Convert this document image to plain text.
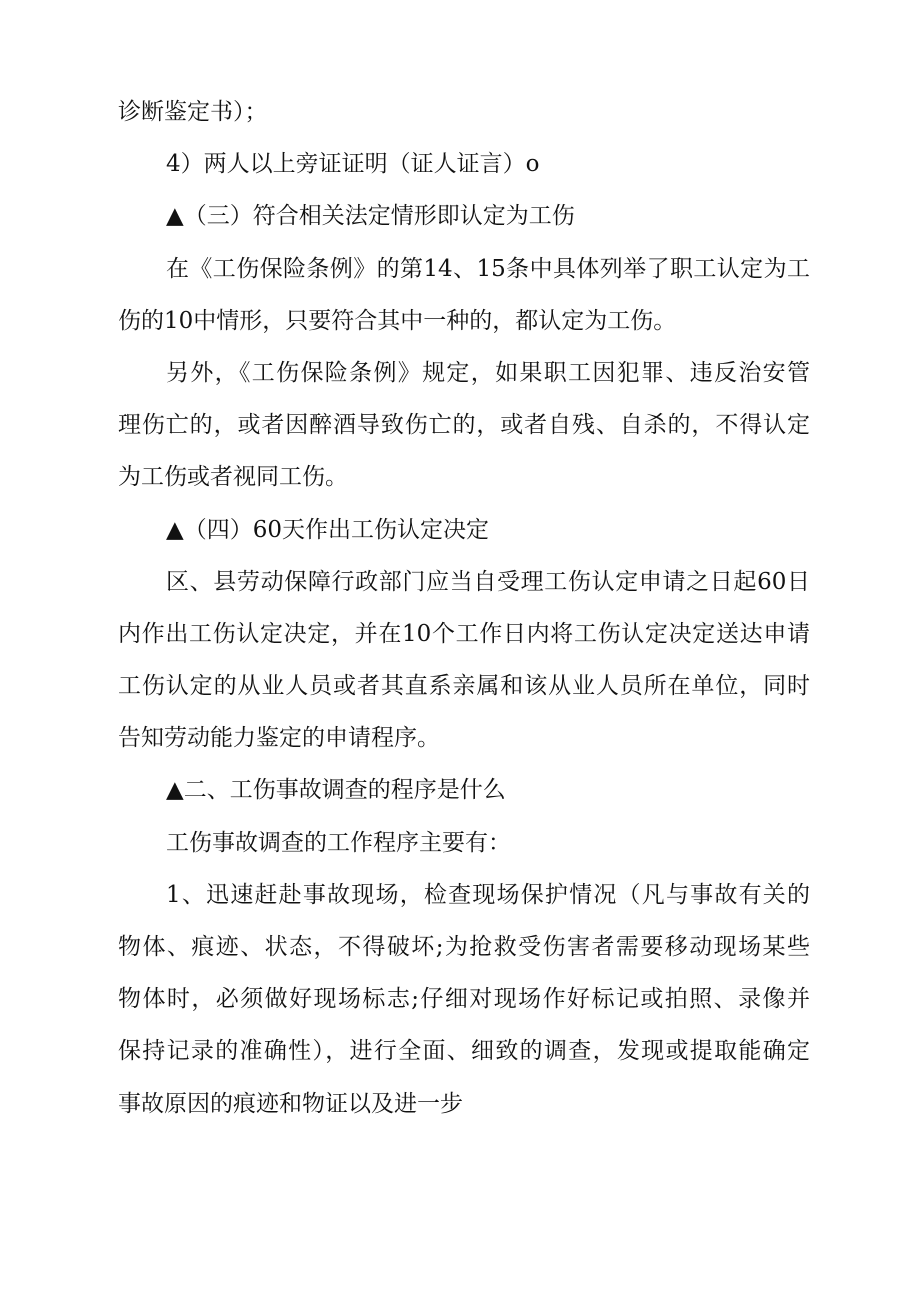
诊断鉴定书）；
4）两人以上旁证证明（证人证言）o
▲（三）符合相关法定情形即认定为工伤
在《工伤保险条例》的第14、15条中具体列举了职工认定为工
伤的10中情形，只要符合其中一种的，都认定为工伤。
另外，《工伤保险条例》规定，如果职工因犯罪、违反治安管
理伤亡的，或者因醉酒导致伤亡的，或者自残、自杀的，不得认定
为工伤或者视同工伤。
▲（四）60天作出工伤认定决定
区、县劳动保障行政部门应当自受理工伤认定申请之日起60日
内作出工伤认定决定，并在10个工作日内将工伤认定决定送达申请
工伤认定的从业人员或者其直系亲属和该从业人员所在单位，同时
告知劳动能力鉴定的申请程序。
▲二、工伤事故调查的程序是什么
工伤事故调查的工作程序主要有：
1、迅速赶赴事故现场，检查现场保护情况（凡与事故有关的
物体、痕迹、状态，不得破坏;为抢救受伤害者需要移动现场某些
物体时，必须做好现场标志;仔细对现场作好标记或拍照、录像并
保持记录的准确性），进行全面、细致的调查，发现或提取能确定
事故原因的痕迹和物证以及进一步
